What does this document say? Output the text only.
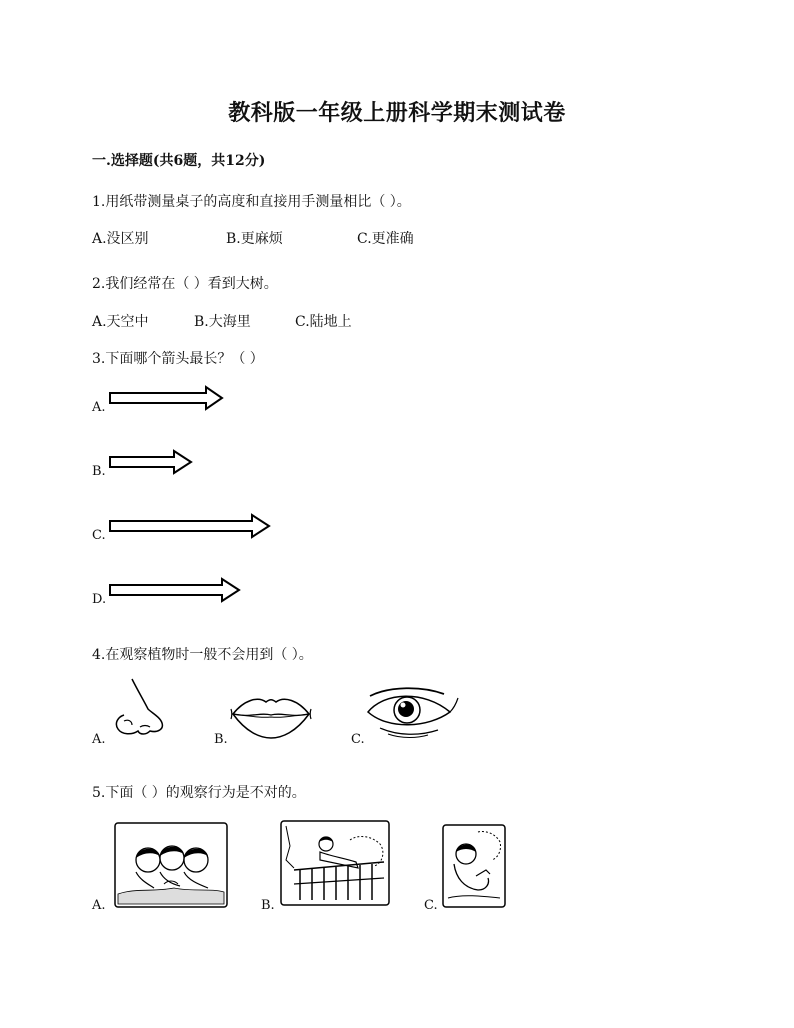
教科版一年级上册科学期末测试卷
一.选择题(共6题，共12分)
1.用纸带测量桌子的高度和直接用手测量相比（ ）。
A.没区别	B.更麻烦	C.更准确
2.我们经常在（ ）看到大树。
A.天空中	B.大海里	C.陆地上
3.下面哪个箭头最长？（ ）
A.
B.
C.
D.
4.在观察植物时一般不会用到（ ）。
A.	B.	C.
5.下面（ ）的观察行为是不对的。
A.	B.	C.
